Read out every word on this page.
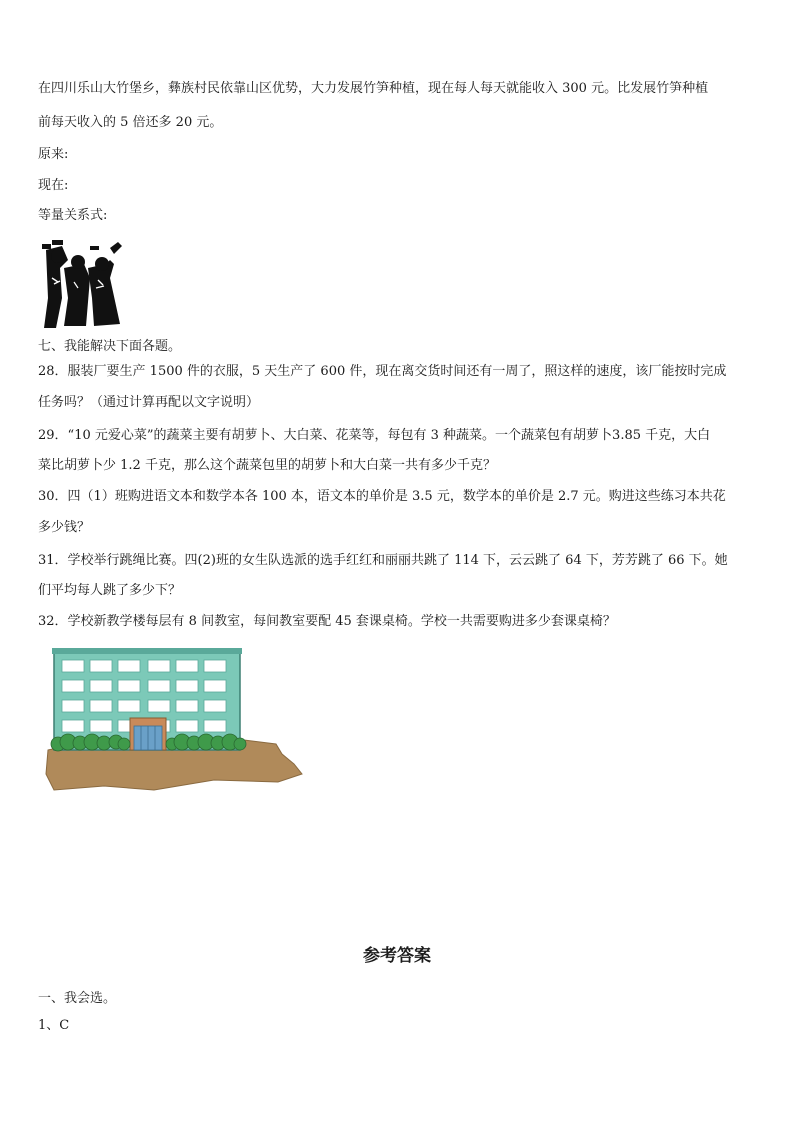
在四川乐山大竹堡乡，彝族村民依靠山区优势，大力发展竹笋种植，现在每人每天就能收入 300 元。比发展竹笋种植
前每天收入的 5 倍还多 20 元。
原来:
现在:
等量关系式:
七、我能解决下面各题。
28．服装厂要生产 1500 件的衣服，5 天生产了 600 件，现在离交货时间还有一周了，照这样的速度，该厂能按时完成
任务吗？（通过计算再配以文字说明）
29．“10 元爱心菜”的蔬菜主要有胡萝卜、大白菜、花菜等，每包有 3 种蔬菜。一个蔬菜包有胡萝卜3.85 千克，大白
菜比胡萝卜少 1.2 千克，那么这个蔬菜包里的胡萝卜和大白菜一共有多少千克？
30．四（1）班购进语文本和数学本各 100 本，语文本的单价是 3.5 元，数学本的单价是 2.7 元。购进这些练习本共花
多少钱？
31．学校举行跳绳比赛。四(2)班的女生队选派的选手红红和丽丽共跳了 114 下，云云跳了 64 下，芳芳跳了 66 下。她
们平均每人跳了多少下？
32．学校新教学楼每层有 8 间教室，每间教室要配 45 套课桌椅。学校一共需要购进多少套课桌椅？
参考答案
一、我会选。
1、C
